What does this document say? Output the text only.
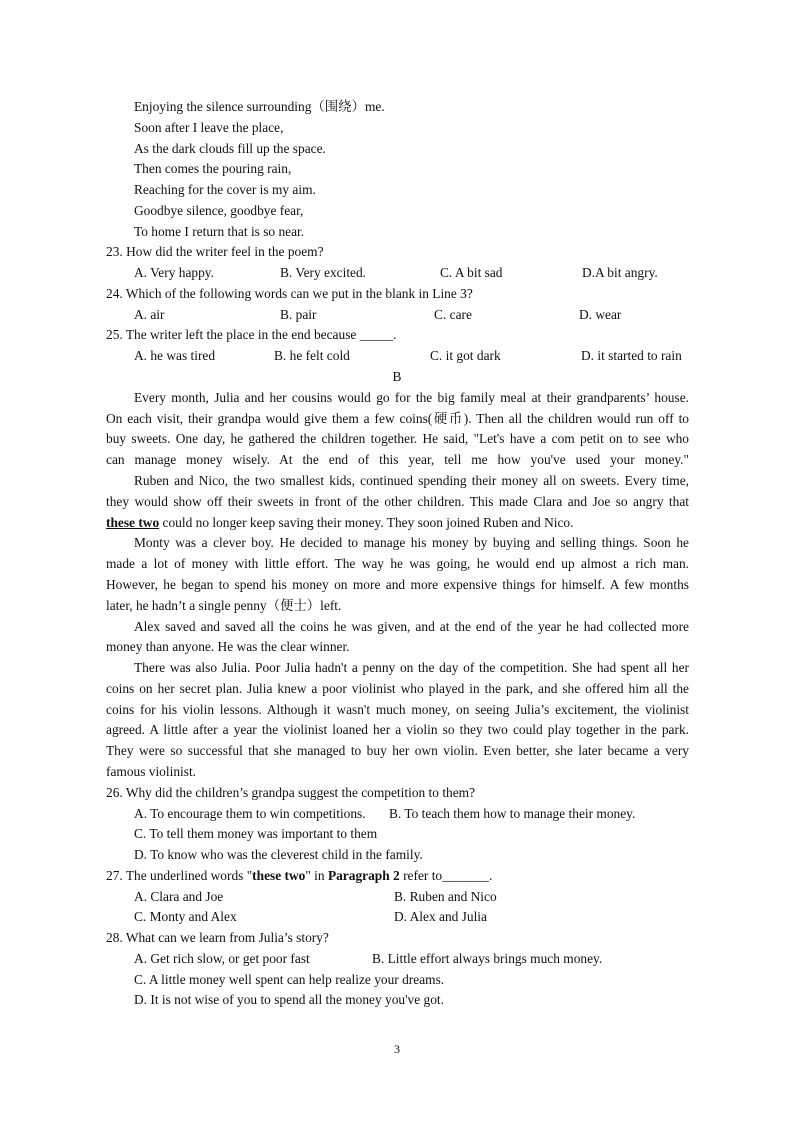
Enjoying the silence surrounding（围绕）me.
Soon after I leave the place,
As the dark clouds fill up the space.
Then comes the pouring rain,
Reaching for the cover is my aim.
Goodbye silence, goodbye fear,
To home I return that is so near.
23. How did the writer feel in the poem?
A. Very happy.	B. Very excited.	C. A bit sad	D.A bit angry.
24. Which of the following words can we put in the blank in Line 3?
A. air	B. pair	C. care	D. wear
25. The writer left the place in the end because _____.
A. he was tired	B. he felt cold	C. it got dark	D. it started to rain
B
Every month, Julia and her cousins would go for the big family meal at their grandparents’ house.
On each visit, their grandpa would give them a few coins(硬币). Then all the children would run off to
buy sweets. One day, he gathered the children together. He said, "Let's have a com petit on to see who
can manage money wisely. At the end of this year, tell me how you've used your money."
Ruben and Nico, the two smallest kids, continued spending their money all on sweets. Every time,
they would show off their sweets in front of the other children. This made Clara and Joe so angry that
these two could no longer keep saving their money. They soon joined Ruben and Nico.
Monty was a clever boy. He decided to manage his money by buying and selling things. Soon he
made a lot of money with little effort. The way he was going, he would end up almost a rich man.
However, he began to spend his money on more and more expensive things for himself. A few months
later, he hadn’t a single penny（便士）left.
Alex saved and saved all the coins he was given, and at the end of the year he had collected more
money than anyone. He was the clear winner.
There was also Julia. Poor Julia hadn't a penny on the day of the competition. She had spent all her
coins on her secret plan. Julia knew a poor violinist who played in the park, and she offered him all the
coins for his violin lessons. Although it wasn't much money, on seeing Julia’s excitement, the violinist
agreed. A little after a year the violinist loaned her a violin so they two could play together in the park.
They were so successful that she managed to buy her own violin. Even better, she later became a very
famous violinist.
26. Why did the children’s grandpa suggest the competition to them?
A. To encourage them to win competitions. B. To teach them how to manage their money.
C. To tell them money was important to them
D. To know who was the cleverest child in the family.
27. The underlined words "these two" in Paragraph 2 refer to_______.
A. Clara and Joe	B. Ruben and Nico
C. Monty and Alex	D. Alex and Julia
28. What can we learn from Julia’s story?
A. Get rich slow, or get poor fast	B. Little effort always brings much money.
C. A little money well spent can help realize your dreams.
D. It is not wise of you to spend all the money you've got.
3
